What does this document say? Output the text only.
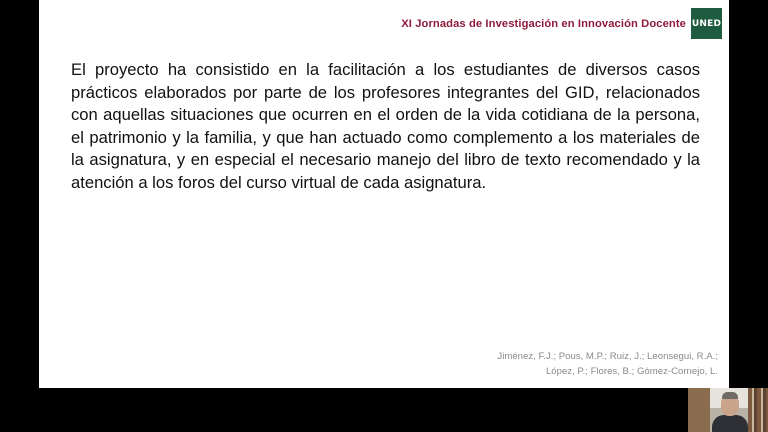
XI Jornadas de Investigación en Innovación Docente UNED

El proyecto ha consistido en la facilitación a los estudiantes de diversos casos prácticos elaborados por parte de los profesores integrantes del GID, relacionados con aquellas situaciones que ocurren en el orden de la vida cotidiana de la persona, el patrimonio y la familia, y que han actuado como complemento a los materiales de la asignatura, y en especial el necesario manejo del libro de texto recomendado y la atención a los foros del curso virtual de cada asignatura.

Jiménez, F.J.; Pous, M.P.; Ruiz, J.; Leonsegui, R.A.;
López, P.; Flores, B.; Gómez-Cornejo, L.
